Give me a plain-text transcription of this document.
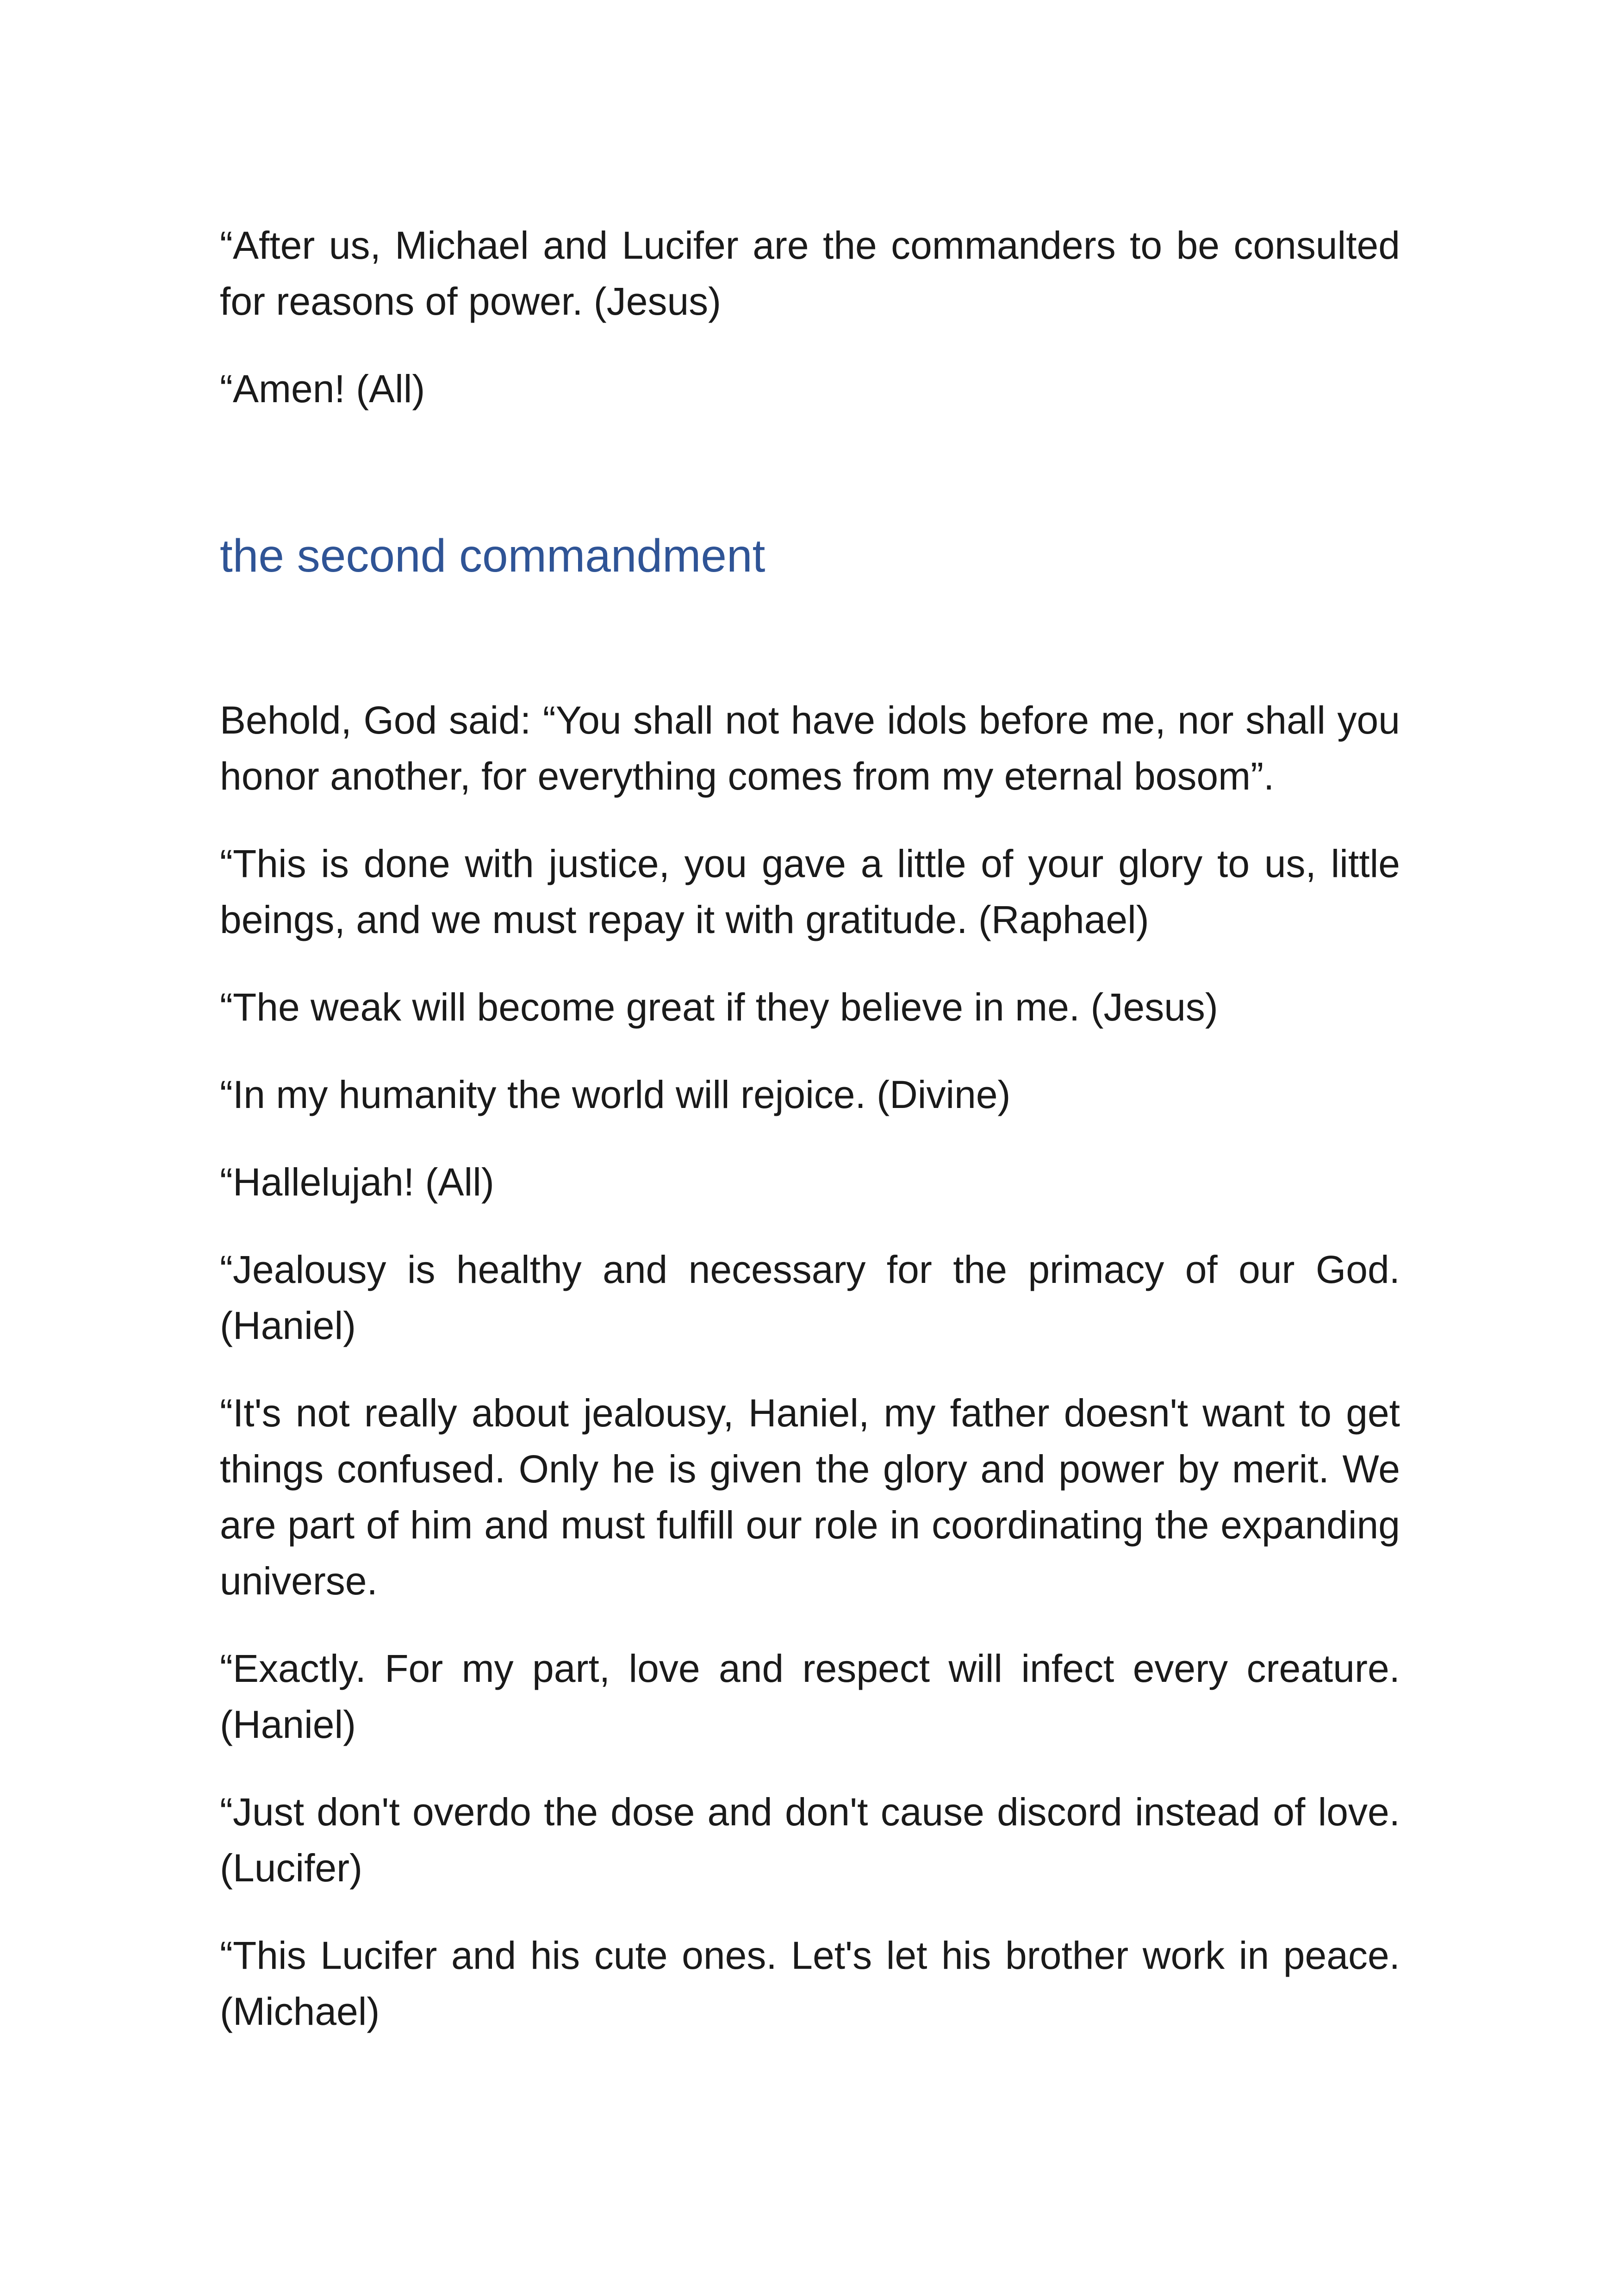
“After us, Michael and Lucifer are the commanders to be consulted for reasons of power. (Jesus)

“Amen! (All)

the second commandment

Behold, God said: “You shall not have idols before me, nor shall you honor another, for everything comes from my eternal bosom”.

“This is done with justice, you gave a little of your glory to us, little beings, and we must repay it with gratitude. (Raphael)

“The weak will become great if they believe in me. (Jesus)

“In my humanity the world will rejoice. (Divine)

“Hallelujah! (All)

“Jealousy is healthy and necessary for the primacy of our God. (Haniel)

“It's not really about jealousy, Haniel, my father doesn't want to get things confused. Only he is given the glory and power by merit. We are part of him and must fulfill our role in coordinating the expanding universe.

“Exactly. For my part, love and respect will infect every creature. (Haniel)

“Just don't overdo the dose and don't cause discord instead of love. (Lucifer)

“This Lucifer and his cute ones. Let's let his brother work in peace. (Michael)
